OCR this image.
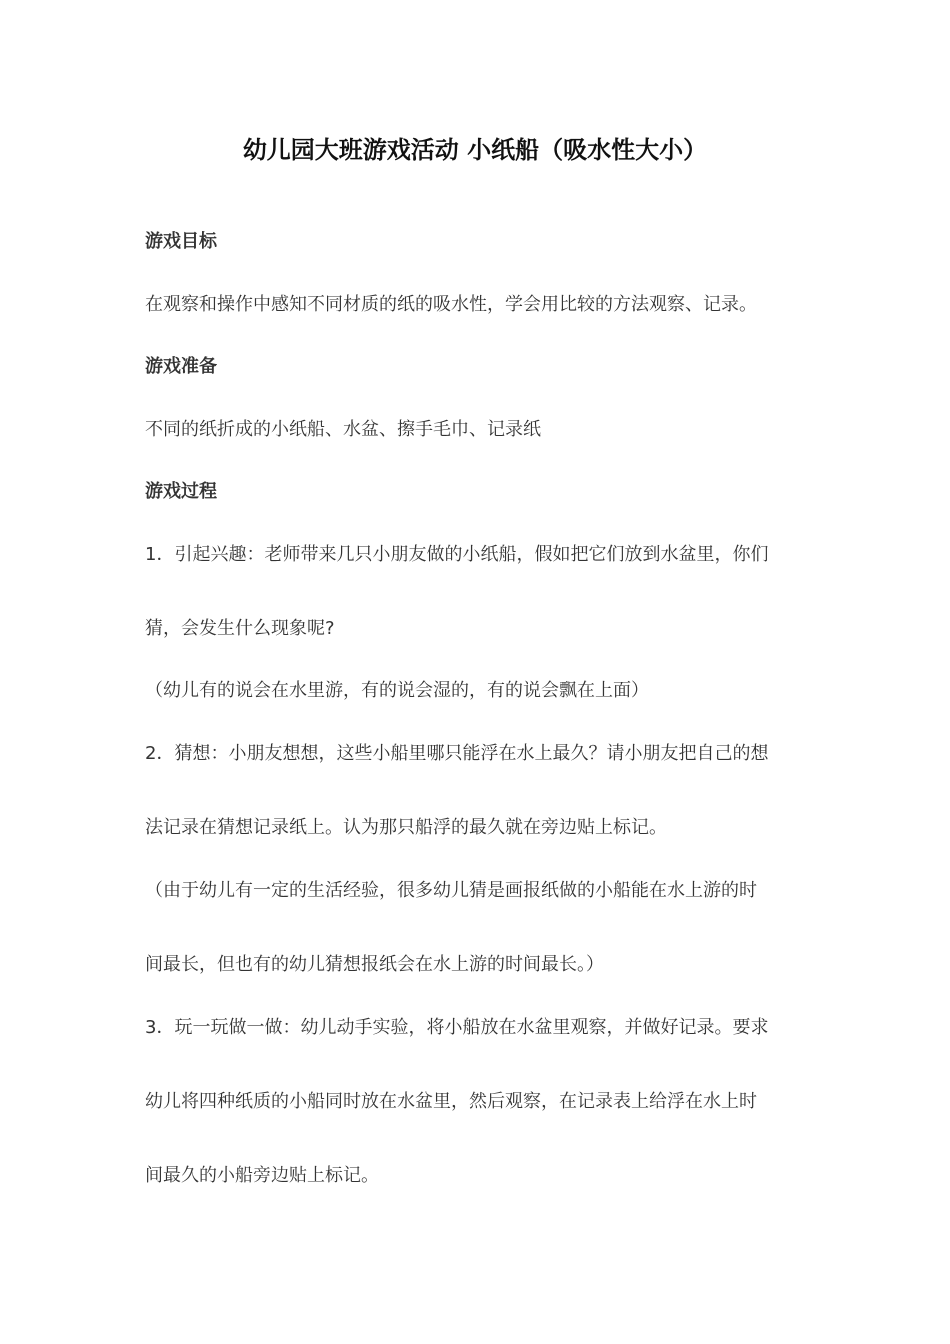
幼儿园大班游戏活动 小纸船（吸水性大小）
游戏目标

在观察和操作中感知不同材质的纸的吸水性，学会用比较的方法观察、记录。

游戏准备

不同的纸折成的小纸船、水盆、擦手毛巾、记录纸

游戏过程

1．引起兴趣：老师带来几只小朋友做的小纸船，假如把它们放到水盆里，你们
猜，会发生什么现象呢?

（幼儿有的说会在水里游，有的说会湿的，有的说会飘在上面）

2．猜想：小朋友想想，这些小船里哪只能浮在水上最久？请小朋友把自己的想
法记录在猜想记录纸上。认为那只船浮的最久就在旁边贴上标记。

（由于幼儿有一定的生活经验，很多幼儿猜是画报纸做的小船能在水上游的时
间最长，但也有的幼儿猜想报纸会在水上游的时间最长。）

3．玩一玩做一做：幼儿动手实验，将小船放在水盆里观察，并做好记录。要求
幼儿将四种纸质的小船同时放在水盆里，然后观察，在记录表上给浮在水上时
间最久的小船旁边贴上标记。
